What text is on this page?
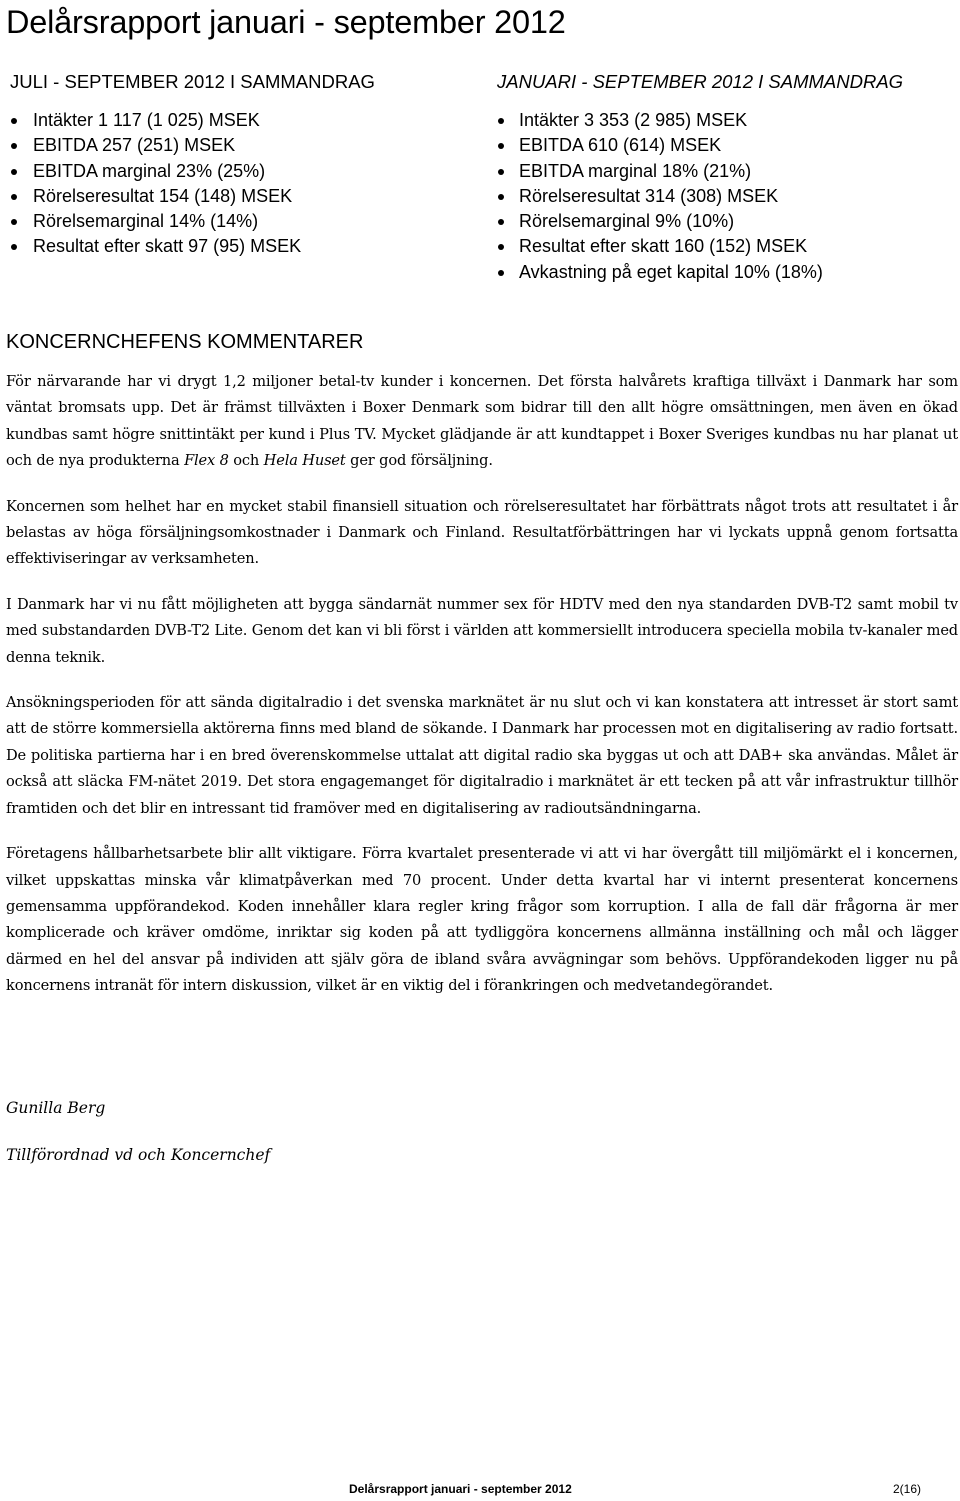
Delårsrapport januari - september 2012
JULI - SEPTEMBER 2012 I SAMMANDRAG
Intäkter 1 117 (1 025) MSEK
EBITDA 257 (251) MSEK
EBITDA marginal 23% (25%)
Rörelseresultat 154 (148) MSEK
Rörelsemarginal 14% (14%)
Resultat efter skatt 97 (95) MSEK
JANUARI - SEPTEMBER 2012 I SAMMANDRAG
Intäkter 3 353 (2 985) MSEK
EBITDA 610 (614) MSEK
EBITDA marginal 18% (21%)
Rörelseresultat 314 (308) MSEK
Rörelsemarginal 9% (10%)
Resultat efter skatt 160 (152) MSEK
Avkastning på eget kapital 10% (18%)
KONCERNCHEFENS KOMMENTARER

För närvarande har vi drygt 1,2 miljoner betal-tv kunder i koncernen. Det första halvårets kraftiga tillväxt i Danmark har som väntat bromsats upp. Det är främst tillväxten i Boxer Denmark som bidrar till den allt högre omsättningen, men även en ökad kundbas samt högre snittintäkt per kund i Plus TV. Mycket glädjande är att kundtappet i Boxer Sveriges kundbas nu har planat ut och de nya produkterna Flex 8 och Hela Huset ger god försäljning.

Koncernen som helhet har en mycket stabil finansiell situation och rörelseresultatet har förbättrats något trots att resultatet i år belastas av höga försäljningsomkostnader i Danmark och Finland. Resultatförbättringen har vi lyckats uppnå genom fortsatta effektiviseringar av verksamheten.

I Danmark har vi nu fått möjligheten att bygga sändarnät nummer sex för HDTV med den nya standarden DVB-T2 samt mobil tv med substandarden DVB-T2 Lite. Genom det kan vi bli först i världen att kommersiellt introducera speciella mobila tv-kanaler med denna teknik.

Ansökningsperioden för att sända digitalradio i det svenska marknätet är nu slut och vi kan konstatera att intresset är stort samt att de större kommersiella aktörerna finns med bland de sökande. I Danmark har processen mot en digitalisering av radio fortsatt. De politiska partierna har i en bred överenskommelse uttalat att digital radio ska byggas ut och att DAB+ ska användas. Målet är också att släcka FM-nätet 2019. Det stora engagemanget för digitalradio i marknätet är ett tecken på att vår infrastruktur tillhör framtiden och det blir en intressant tid framöver med en digitalisering av radioutsändningarna.

Företagens hållbarhetsarbete blir allt viktigare. Förra kvartalet presenterade vi att vi har övergått till miljömärkt el i koncernen, vilket uppskattas minska vår klimatpåverkan med 70 procent. Under detta kvartal har vi internt presenterat koncernens gemensamma uppförandekod. Koden innehåller klara regler kring frågor som korruption. I alla de fall där frågorna är mer komplicerade och kräver omdöme, inriktar sig koden på att tydliggöra koncernens allmänna inställning och mål och lägger därmed en hel del ansvar på individen att själv göra de ibland svåra avvägningar som behövs. Uppförandekoden ligger nu på koncernens intranät för intern diskussion, vilket är en viktig del i förankringen och medvetandegörandet.

Gunilla Berg
Tillförordnad vd och Koncernchef
Delårsrapport januari - september 2012	2(16)
